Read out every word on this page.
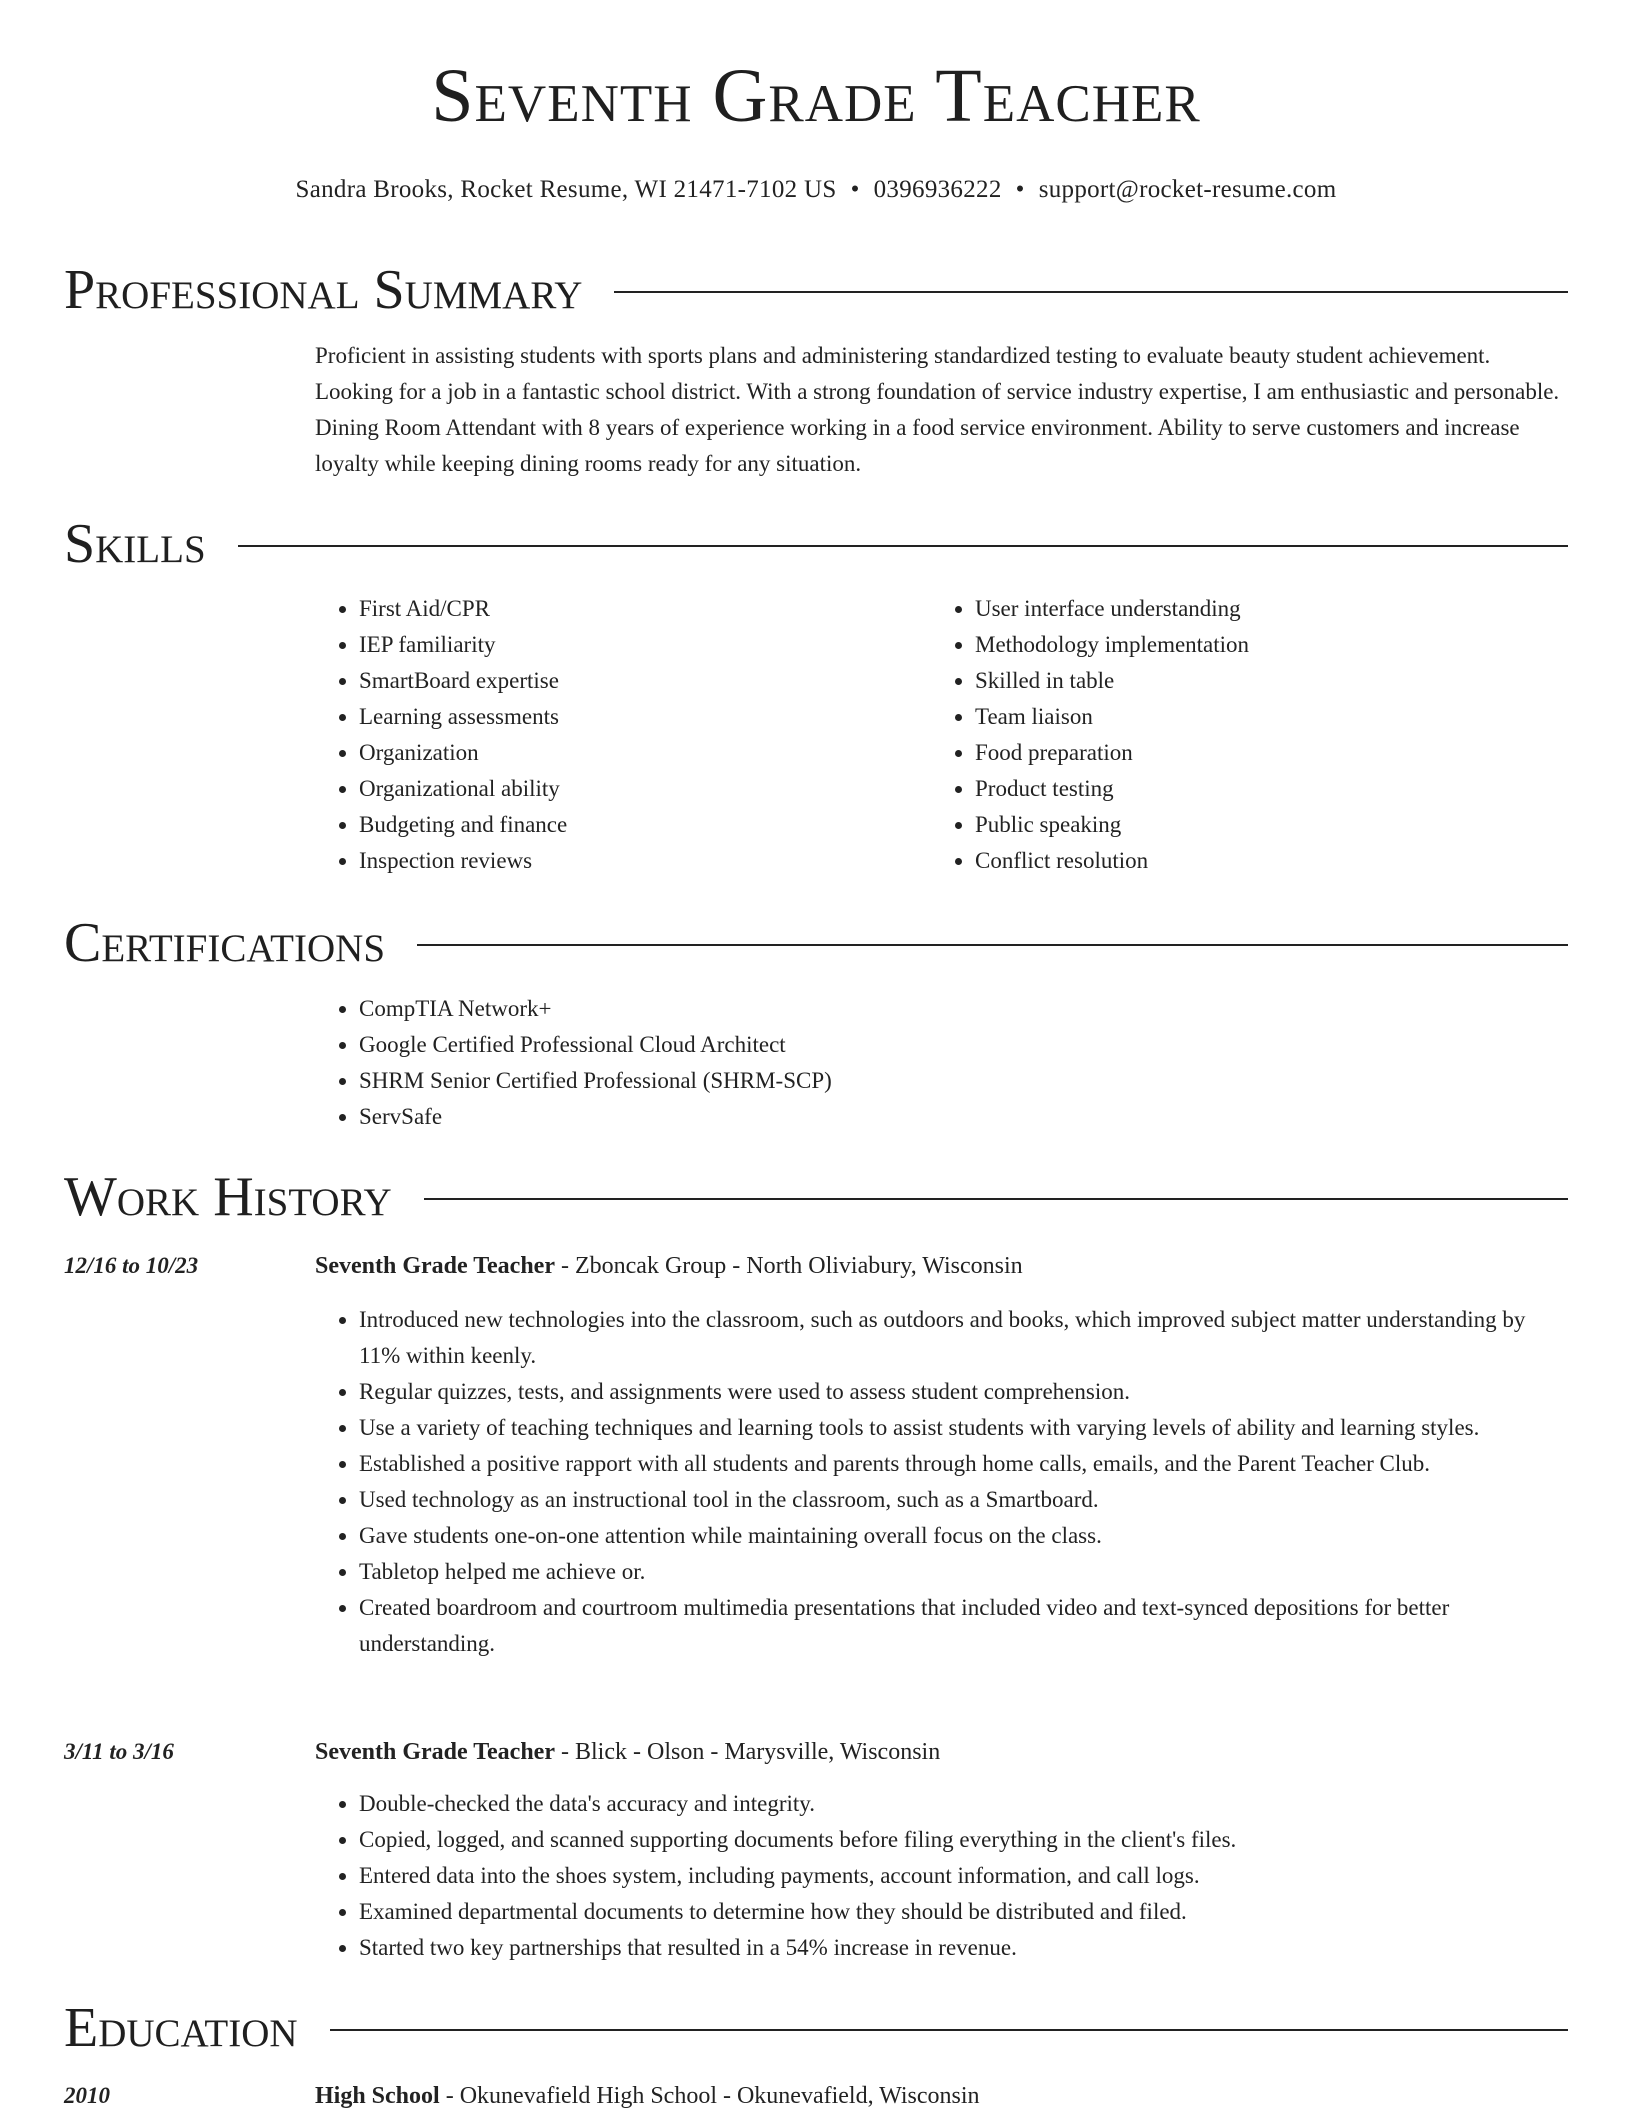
Seventh Grade Teacher
Sandra Brooks, Rocket Resume, WI 21471-7102 US • 0396936222 • support@rocket-resume.com
Professional Summary

Proficient in assisting students with sports plans and administering standardized testing to evaluate beauty student achievement. Looking for a job in a fantastic school district. With a strong foundation of service industry expertise, I am enthusiastic and personable. Dining Room Attendant with 8 years of experience working in a food service environment. Ability to serve customers and increase loyalty while keeping dining rooms ready for any situation.

Skills
• First Aid/CPR
• IEP familiarity
• SmartBoard expertise
• Learning assessments
• Organization
• Organizational ability
• Budgeting and finance
• Inspection reviews
• User interface understanding
• Methodology implementation
• Skilled in table
• Team liaison
• Food preparation
• Product testing
• Public speaking
• Conflict resolution
Certifications
• CompTIA Network+
• Google Certified Professional Cloud Architect
• SHRM Senior Certified Professional (SHRM-SCP)
• ServSafe
Work History
12/16 to 10/23	Seventh Grade Teacher - Zboncak Group - North Oliviabury, Wisconsin
• Introduced new technologies into the classroom, such as outdoors and books, which improved subject matter understanding by 11% within keenly.
• Regular quizzes, tests, and assignments were used to assess student comprehension.
• Use a variety of teaching techniques and learning tools to assist students with varying levels of ability and learning styles.
• Established a positive rapport with all students and parents through home calls, emails, and the Parent Teacher Club.
• Used technology as an instructional tool in the classroom, such as a Smartboard.
• Gave students one-on-one attention while maintaining overall focus on the class.
• Tabletop helped me achieve or.
• Created boardroom and courtroom multimedia presentations that included video and text-synced depositions for better understanding.
3/11 to 3/16	Seventh Grade Teacher - Blick - Olson - Marysville, Wisconsin
• Double-checked the data's accuracy and integrity.
• Copied, logged, and scanned supporting documents before filing everything in the client's files.
• Entered data into the shoes system, including payments, account information, and call logs.
• Examined departmental documents to determine how they should be distributed and filed.
• Started two key partnerships that resulted in a 54% increase in revenue.
Education
2010	High School - Okunevafield High School - Okunevafield, Wisconsin
